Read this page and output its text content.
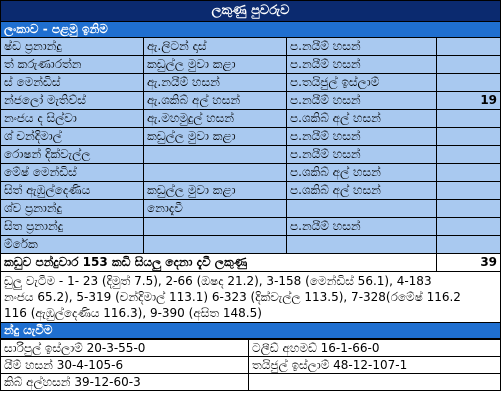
ලකුණු පුවරුව			
ලංකාව - පළමු ඉනිම			
ෂ්ඩ ප්‍රනාන්දු	ඇ.ලිටන් දාස්	ප.නයීම් හසන්	
ත් කරුණාරත්න	කඩුල්ල මුවා කළා	ප.නයීම් හසන්	
ස් මෙන්ඩිස්	ඇ.නයීම් හසන්	ප.තයිජුල් ඉස්ලාම්	
න්ජලෝ මැතිව්ස්	ඇ.ශකිබ් අල් හසන්	ප.නයීම් හසන්	19
නංජය ද සිල්වා	ඇ.මහමුදුල් හසන්	ප.ශකිබ් අල් හසන්	
ශ් චන්දිමාල්	කඩුල්ල මුවා කළා	ප.නයීම් හසන්	
රොෂන් දික්වැල්ල		ප.නයීම් හසන්	
මේෂ් මෙන්ඩිස්		ප.ශකිබ් අල් හසන්	
සිත් ඇඹුල්දෙණිය	කඩුල්ල මුවා කළා	ප.ශකිබ් අල් හසන්	
ශ්ව ප්‍රනාන්දු	නොදැවී		
සිත ප්‍රනාන්දු		ප.නයීම් හසන්	
ම්රේක			
කඩුව පන්දුවාර 153 කඩි සියලු දෙනා දැවී ලකුණු			39

ඩුලු වැටීම - 1- 23 (දිමුත් 7.5), 2-66 (ඔෂද 21.2), 3-158 (මෙන්ඩිස් 56.1), 4-183
නංජය 65.2), 5-319 (චන්දිමාල් 113.1) 6-323 (දික්වැල්ල 113.5), 7-328(රමේෂ් 116.2
116 (ඇඹුල්දෙණිය 116.3), 9-390 (අසිත 148.5)			

න්දු යැවීම			
සාරිපුල් ඉස්ලාම් 20-3-55-0	ටලීඩ් අහමඩ් 16-1-66-0
යීම් හසන් 30-4-105-6	තයිජුල් ඉස්ලාම් 48-12-107-1
කිබ් අල්හසන් 39-12-60-3	
